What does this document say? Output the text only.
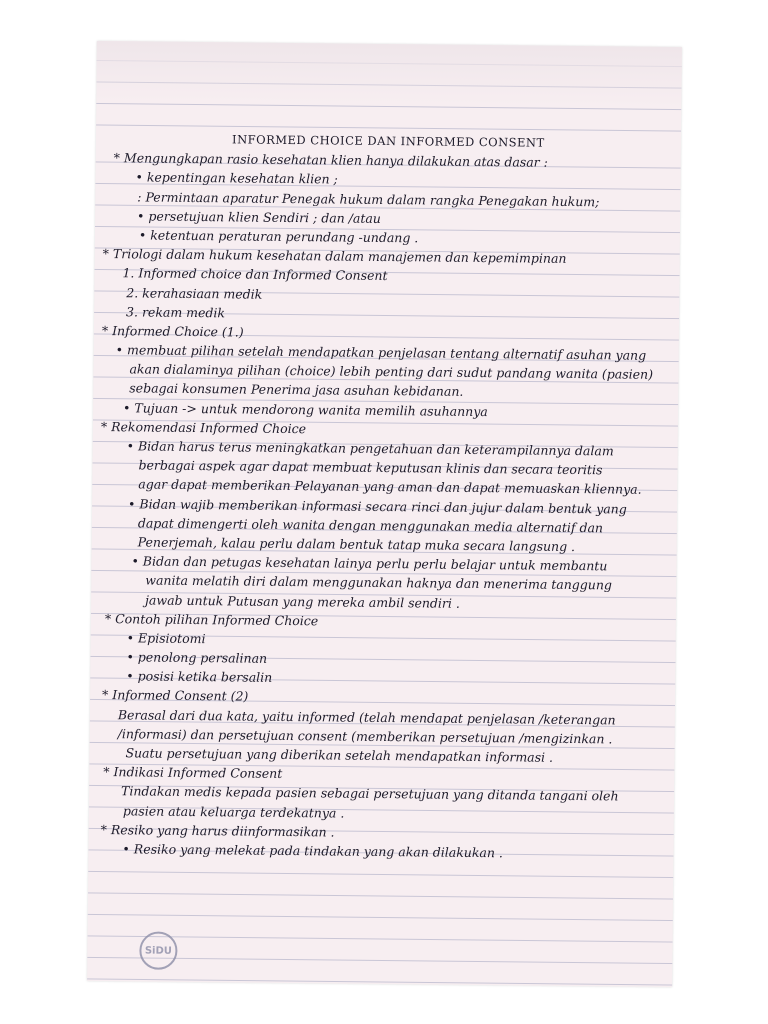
INFORMED CHOICE DAN INFORMED CONSENT
* Mengungkapan rasio kesehatan klien hanya dilakukan atas dasar :
• kepentingan kesehatan klien ;
: Permintaan aparatur Penegak hukum dalam rangka Penegakan hukum;
• persetujuan klien Sendiri ; dan /atau
• ketentuan peraturan perundang -undang .
* Triologi dalam hukum kesehatan dalam manajemen dan kepemimpinan
1. Informed choice dan Informed Consent
2. kerahasiaan medik
3. rekam medik
* Informed Choice (1.)
• membuat pilihan setelah mendapatkan penjelasan tentang alternatif asuhan yang
akan dialaminya pilihan (choice) lebih penting dari sudut pandang wanita (pasien)
sebagai konsumen Penerima jasa asuhan kebidanan.
• Tujuan -> untuk mendorong wanita memilih asuhannya
* Rekomendasi Informed Choice
• Bidan harus terus meningkatkan pengetahuan dan keterampilannya dalam
berbagai aspek agar dapat membuat keputusan klinis dan secara teoritis
agar dapat memberikan Pelayanan yang aman dan dapat memuaskan kliennya.
• Bidan wajib memberikan informasi secara rinci dan jujur dalam bentuk yang
dapat dimengerti oleh wanita dengan menggunakan media alternatif dan
Penerjemah, kalau perlu dalam bentuk tatap muka secara langsung .
• Bidan dan petugas kesehatan lainya perlu perlu belajar untuk membantu
wanita melatih diri dalam menggunakan haknya dan menerima tanggung
jawab untuk Putusan yang mereka ambil sendiri .
* Contoh pilihan Informed Choice
• Episiotomi
• penolong persalinan
• posisi ketika bersalin
* Informed Consent (2)
Berasal dari dua kata, yaitu informed (telah mendapat penjelasan /keterangan
/informasi) dan persetujuan consent (memberikan persetujuan /mengizinkan .
Suatu persetujuan yang diberikan setelah mendapatkan informasi .
* Indikasi Informed Consent
Tindakan medis kepada pasien sebagai persetujuan yang ditanda tangani oleh
pasien atau keluarga terdekatnya .
* Resiko yang harus diinformasikan .
• Resiko yang melekat pada tindakan yang akan dilakukan .
SiDU
